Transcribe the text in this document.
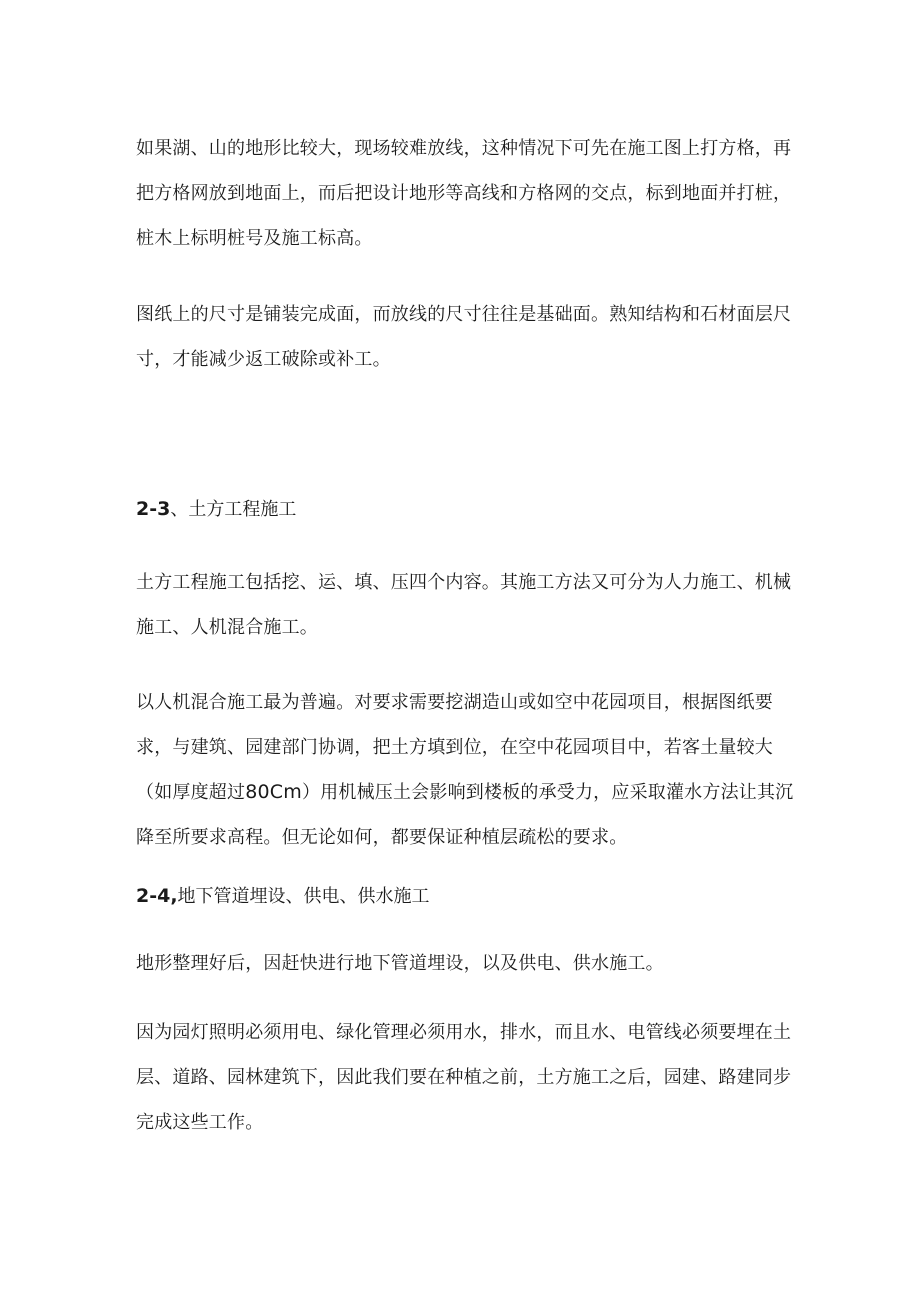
如果湖、山的地形比较大，现场较难放线，这种情况下可先在施工图上打方格，再把方格网放到地面上，而后把设计地形等高线和方格网的交点，标到地面并打桩，桩木上标明桩号及施工标高。

图纸上的尺寸是铺装完成面，而放线的尺寸往往是基础面。熟知结构和石材面层尺寸，才能减少返工破除或补工。

2-3、土方工程施工

土方工程施工包括挖、运、填、压四个内容。其施工方法又可分为人力施工、机械施工、人机混合施工。

以人机混合施工最为普遍。对要求需要挖湖造山或如空中花园项目，根据图纸要求，与建筑、园建部门协调，把土方填到位，在空中花园项目中，若客土量较大（如厚度超过80Cm）用机械压土会影响到楼板的承受力，应采取灌水方法让其沉降至所要求高程。但无论如何，都要保证种植层疏松的要求。

2-4,地下管道埋设、供电、供水施工

地形整理好后，因赶快进行地下管道埋设，以及供电、供水施工。

因为园灯照明必须用电、绿化管理必须用水，排水，而且水、电管线必须要埋在土层、道路、园林建筑下，因此我们要在种植之前，土方施工之后，园建、路建同步完成这些工作。
